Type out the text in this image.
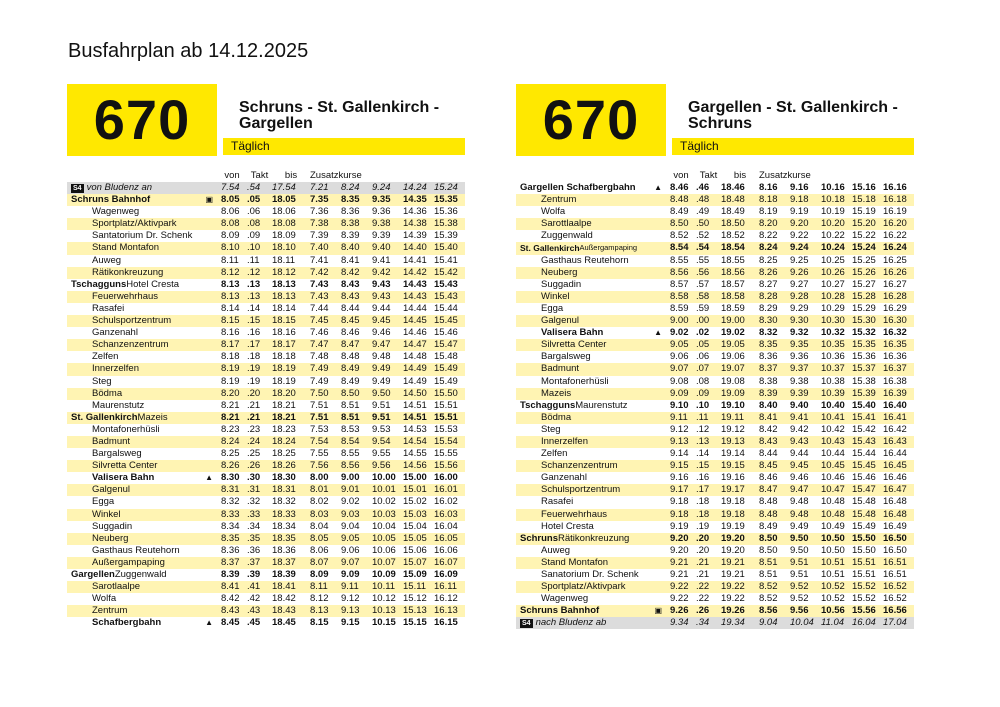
Busfahrplan ab 14.12.2025
670	Schruns - St. Gallenkirch - Gargellen
Täglich
von	Takt	bis	Zusatzkurse
S4 von Bludenz an	7.54 .54	17.54	7.21	8.24	9.24	14.24 15.24
Schruns Bahnhof	▣ 8.05 .05	18.05	7.35	8.35	9.35	14.35 15.35
Wagenweg	8.06 .06	18.06	7.36	8.36	9.36	14.36 15.36
Sportplatz/Aktivpark	8.08 .08	18.08	7.38	8.38	9.38	14.38 15.38
Santatorium Dr. Schenk	8.09 .09	18.09	7.39	8.39	9.39	14.39 15.39
Stand Montafon	8.10 .10	18.10	7.40	8.40	9.40	14.40 15.40
Auweg	8.11 .11	18.11	7.41	8.41	9.41	14.41 15.41
Rätikonkreuzung	8.12 .12	18.12	7.42	8.42	9.42	14.42 15.42
Tschagguns Hotel Cresta	8.13 .13	18.13	7.43	8.43	9.43	14.43 15.43
Feuerwehrhaus	8.13 .13	18.13	7.43	8.43	9.43	14.43 15.43
Rasafei	8.14 .14	18.14	7.44	8.44	9.44	14.44 15.44
Schulsportzentrum	8.15 .15	18.15	7.45	8.45	9.45	14.45 15.45
Ganzenahl	8.16 .16	18.16	7.46	8.46	9.46	14.46 15.46
Schanzenzentrum	8.17 .17	18.17	7.47	8.47	9.47	14.47 15.47
Zelfen	8.18 .18	18.18	7.48	8.48	9.48	14.48 15.48
Innerzelfen	8.19 .19	18.19	7.49	8.49	9.49	14.49 15.49
Steg	8.19 .19	18.19	7.49	8.49	9.49	14.49 15.49
Bödma	8.20 .20	18.20	7.50	8.50	9.50	14.50 15.50
Maurenstutz	8.21 .21	18.21	7.51	8.51	9.51	14.51 15.51
St. Gallenkirch Mazeis	8.21 .21	18.21	7.51	8.51	9.51	14.51 15.51
Montafonerhüsli	8.23 .23	18.23	7.53	8.53	9.53	14.53 15.53
Badmunt	8.24 .24	18.24	7.54	8.54	9.54	14.54 15.54
Bargalsweg	8.25 .25	18.25	7.55	8.55	9.55	14.55 15.55
Silvretta Center	8.26 .26	18.26	7.56	8.56	9.56	14.56 15.56
Valisera Bahn	▲ 8.30 .30	18.30	8.00	9.00	10.00 15.00 16.00
Galgenul	8.31 .31	18.31	8.01	9.01	10.01 15.01 16.01
Egga	8.32 .32	18.32	8.02	9.02	10.02 15.02 16.02
Winkel	8.33 .33	18.33	8.03	9.03	10.03 15.03 16.03
Suggadin	8.34 .34	18.34	8.04	9.04	10.04 15.04 16.04
Neuberg	8.35 .35	18.35	8.05	9.05	10.05 15.05 16.05
Gasthaus Reutehorn	8.36 .36	18.36	8.06	9.06	10.06 15.06 16.06
Außergampaping	8.37 .37	18.37	8.07	9.07	10.07 15.07 16.07
Gargellen Zuggenwald	8.39 .39	18.39	8.09	9.09	10.09 15.09 16.09
Sarotlaalpe	8.41 .41	18.41	8.11	9.11	10.11 15.11 16.11
Wolfa	8.42 .42	18.42	8.12	9.12	10.12 15.12 16.12
Zentrum	8.43 .43	18.43	8.13	9.13	10.13 15.13 16.13
Schafbergbahn	▲ 8.45 .45	18.45	8.15	9.15	10.15 15.15 16.15
670	Gargellen - St. Gallenkirch - Schruns
Täglich
von	Takt	bis	Zusatzkurse
Gargellen Schafbergbahn ▲ 8.46 .46	18.46	8.16	9.16	10.16 15.16 16.16
Zentrum	8.48 .48	18.48	8.18	9.18	10.18 15.18 16.18
Wolfa	8.49 .49	18.49	8.19	9.19	10.19 15.19 16.19
Sarottlaalpe	8.50 .50	18.50	8.20	9.20	10.20 15.20 16.20
Zuggenwald	8.52 .52	18.52	8.22	9.22	10.22 15.22 16.22
St. Gallenkirch Außergampaping	8.54 .54	18.54	8.24	9.24	10.24 15.24 16.24
Gasthaus Reutehorn	8.55 .55	18.55	8.25	9.25	10.25 15.25 16.25
Neuberg	8.56 .56	18.56	8.26	9.26	10.26 15.26 16.26
Suggadin	8.57 .57	18.57	8.27	9.27	10.27 15.27 16.27
Winkel	8.58 .58	18.58	8.28	9.28	10.28 15.28 16.28
Egga	8.59 .59	18.59	8.29	9.29	10.29 15.29 16.29
Galgenul	9.00 .00	19.00	8.30	9.30	10.30 15.30 16.30
Valisera Bahn	▲ 9.02 .02	19.02	8.32	9.32	10.32 15.32 16.32
Silvretta Center	9.05 .05	19.05	8.35	9.35	10.35 15.35 16.35
Bargalsweg	9.06 .06	19.06	8.36	9.36	10.36 15.36 16.36
Badmunt	9.07 .07	19.07	8.37	9.37	10.37 15.37 16.37
Montafonerhüsli	9.08 .08	19.08	8.38	9.38	10.38 15.38 16.38
Mazeis	9.09 .09	19.09	8.39	9.39	10.39 15.39 16.39
Tschagguns Maurenstutz	9.10 .10	19.10	8.40	9.40	10.40 15.40 16.40
Bödma	9.11 .11	19.11	8.41	9.41	10.41 15.41 16.41
Steg	9.12 .12	19.12	8.42	9.42	10.42 15.42 16.42
Innerzelfen	9.13 .13	19.13	8.43	9.43	10.43 15.43 16.43
Zelfen	9.14 .14	19.14	8.44	9.44	10.44 15.44 16.44
Schanzenzentrum	9.15 .15	19.15	8.45	9.45	10.45 15.45 16.45
Ganzenahl	9.16 .16	19.16	8.46	9.46	10.46 15.46 16.46
Schulsportzentrum	9.17 .17	19.17	8.47	9.47	10.47 15.47 16.47
Rasafei	9.18 .18	19.18	8.48	9.48	10.48 15.48 16.48
Feuerwehrhaus	9.18 .18	19.18	8.48	9.48	10.48 15.48 16.48
Hotel Cresta	9.19 .19	19.19	8.49	9.49	10.49 15.49 16.49
Schruns Rätikonkreuzung	9.20 .20	19.20	8.50	9.50	10.50 15.50 16.50
Auweg	9.20 .20	19.20	8.50	9.50	10.50 15.50 16.50
Stand Montafon	9.21 .21	19.21	8.51	9.51	10.51 15.51 16.51
Sanatorium Dr. Schenk	9.21 .21	19.21	8.51	9.51	10.51 15.51 16.51
Sportplatz/Aktivpark	9.22 .22	19.22	8.52	9.52	10.52 15.52 16.52
Wagenweg	9.22 .22	19.22	8.52	9.52	10.52 15.52 16.52
Schruns Bahnhof	▣ 9.26 .26	19.26	8.56	9.56	10.56 15.56 16.56
S4 nach Bludenz ab	9.34 .34	19.34	9.04	10.04 11.04 16.04 17.04
